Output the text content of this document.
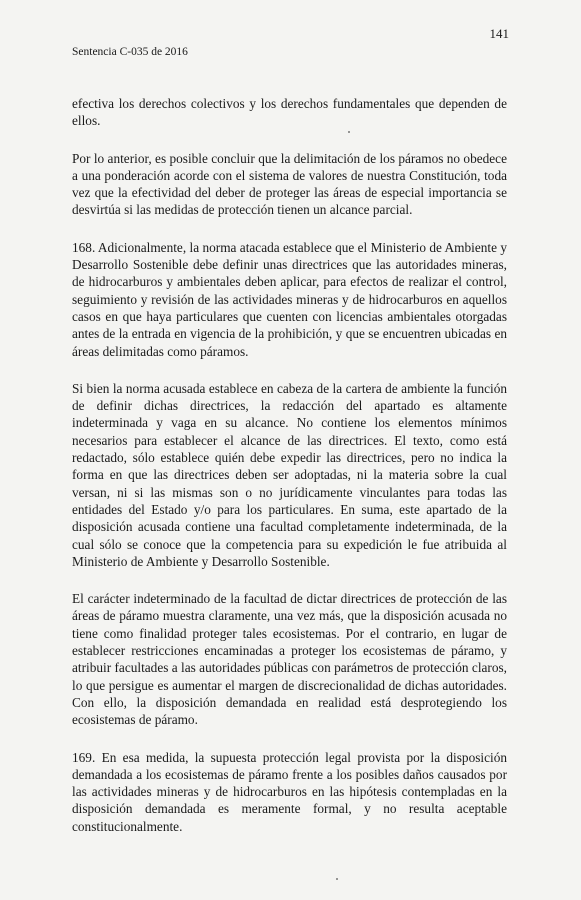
141
Sentencia C-035 de 2016

efectiva los derechos colectivos y los derechos fundamentales que dependen de ellos.

Por lo anterior, es posible concluir que la delimitación de los páramos no obedece a una ponderación acorde con el sistema de valores de nuestra Constitución, toda vez que la efectividad del deber de proteger las áreas de especial importancia se desvirtúa si las medidas de protección tienen un alcance parcial.

168. Adicionalmente, la norma atacada establece que el Ministerio de Ambiente y Desarrollo Sostenible debe definir unas directrices que las autoridades mineras, de hidrocarburos y ambientales deben aplicar, para efectos de realizar el control, seguimiento y revisión de las actividades mineras y de hidrocarburos en aquellos casos en que haya particulares que cuenten con licencias ambientales otorgadas antes de la entrada en vigencia de la prohibición, y que se encuentren ubicadas en áreas delimitadas como páramos.

Si bien la norma acusada establece en cabeza de la cartera de ambiente la función de definir dichas directrices, la redacción del apartado es altamente indeterminada y vaga en su alcance. No contiene los elementos mínimos necesarios para establecer el alcance de las directrices. El texto, como está redactado, sólo establece quién debe expedir las directrices, pero no indica la forma en que las directrices deben ser adoptadas, ni la materia sobre la cual versan, ni si las mismas son o no jurídicamente vinculantes para todas las entidades del Estado y/o para los particulares. En suma, este apartado de la disposición acusada contiene una facultad completamente indeterminada, de la cual sólo se conoce que la competencia para su expedición le fue atribuida al Ministerio de Ambiente y Desarrollo Sostenible.

El carácter indeterminado de la facultad de dictar directrices de protección de las áreas de páramo muestra claramente, una vez más, que la disposición acusada no tiene como finalidad proteger tales ecosistemas. Por el contrario, en lugar de establecer restricciones encaminadas a proteger los ecosistemas de páramo, y atribuir facultades a las autoridades públicas con parámetros de protección claros, lo que persigue es aumentar el margen de discrecionalidad de dichas autoridades. Con ello, la disposición demandada en realidad está desprotegiendo los ecosistemas de páramo.

169. En esa medida, la supuesta protección legal provista por la disposición demandada a los ecosistemas de páramo frente a los posibles daños causados por las actividades mineras y de hidrocarburos en las hipótesis contempladas en la disposición demandada es meramente formal, y no resulta aceptable constitucionalmente.
